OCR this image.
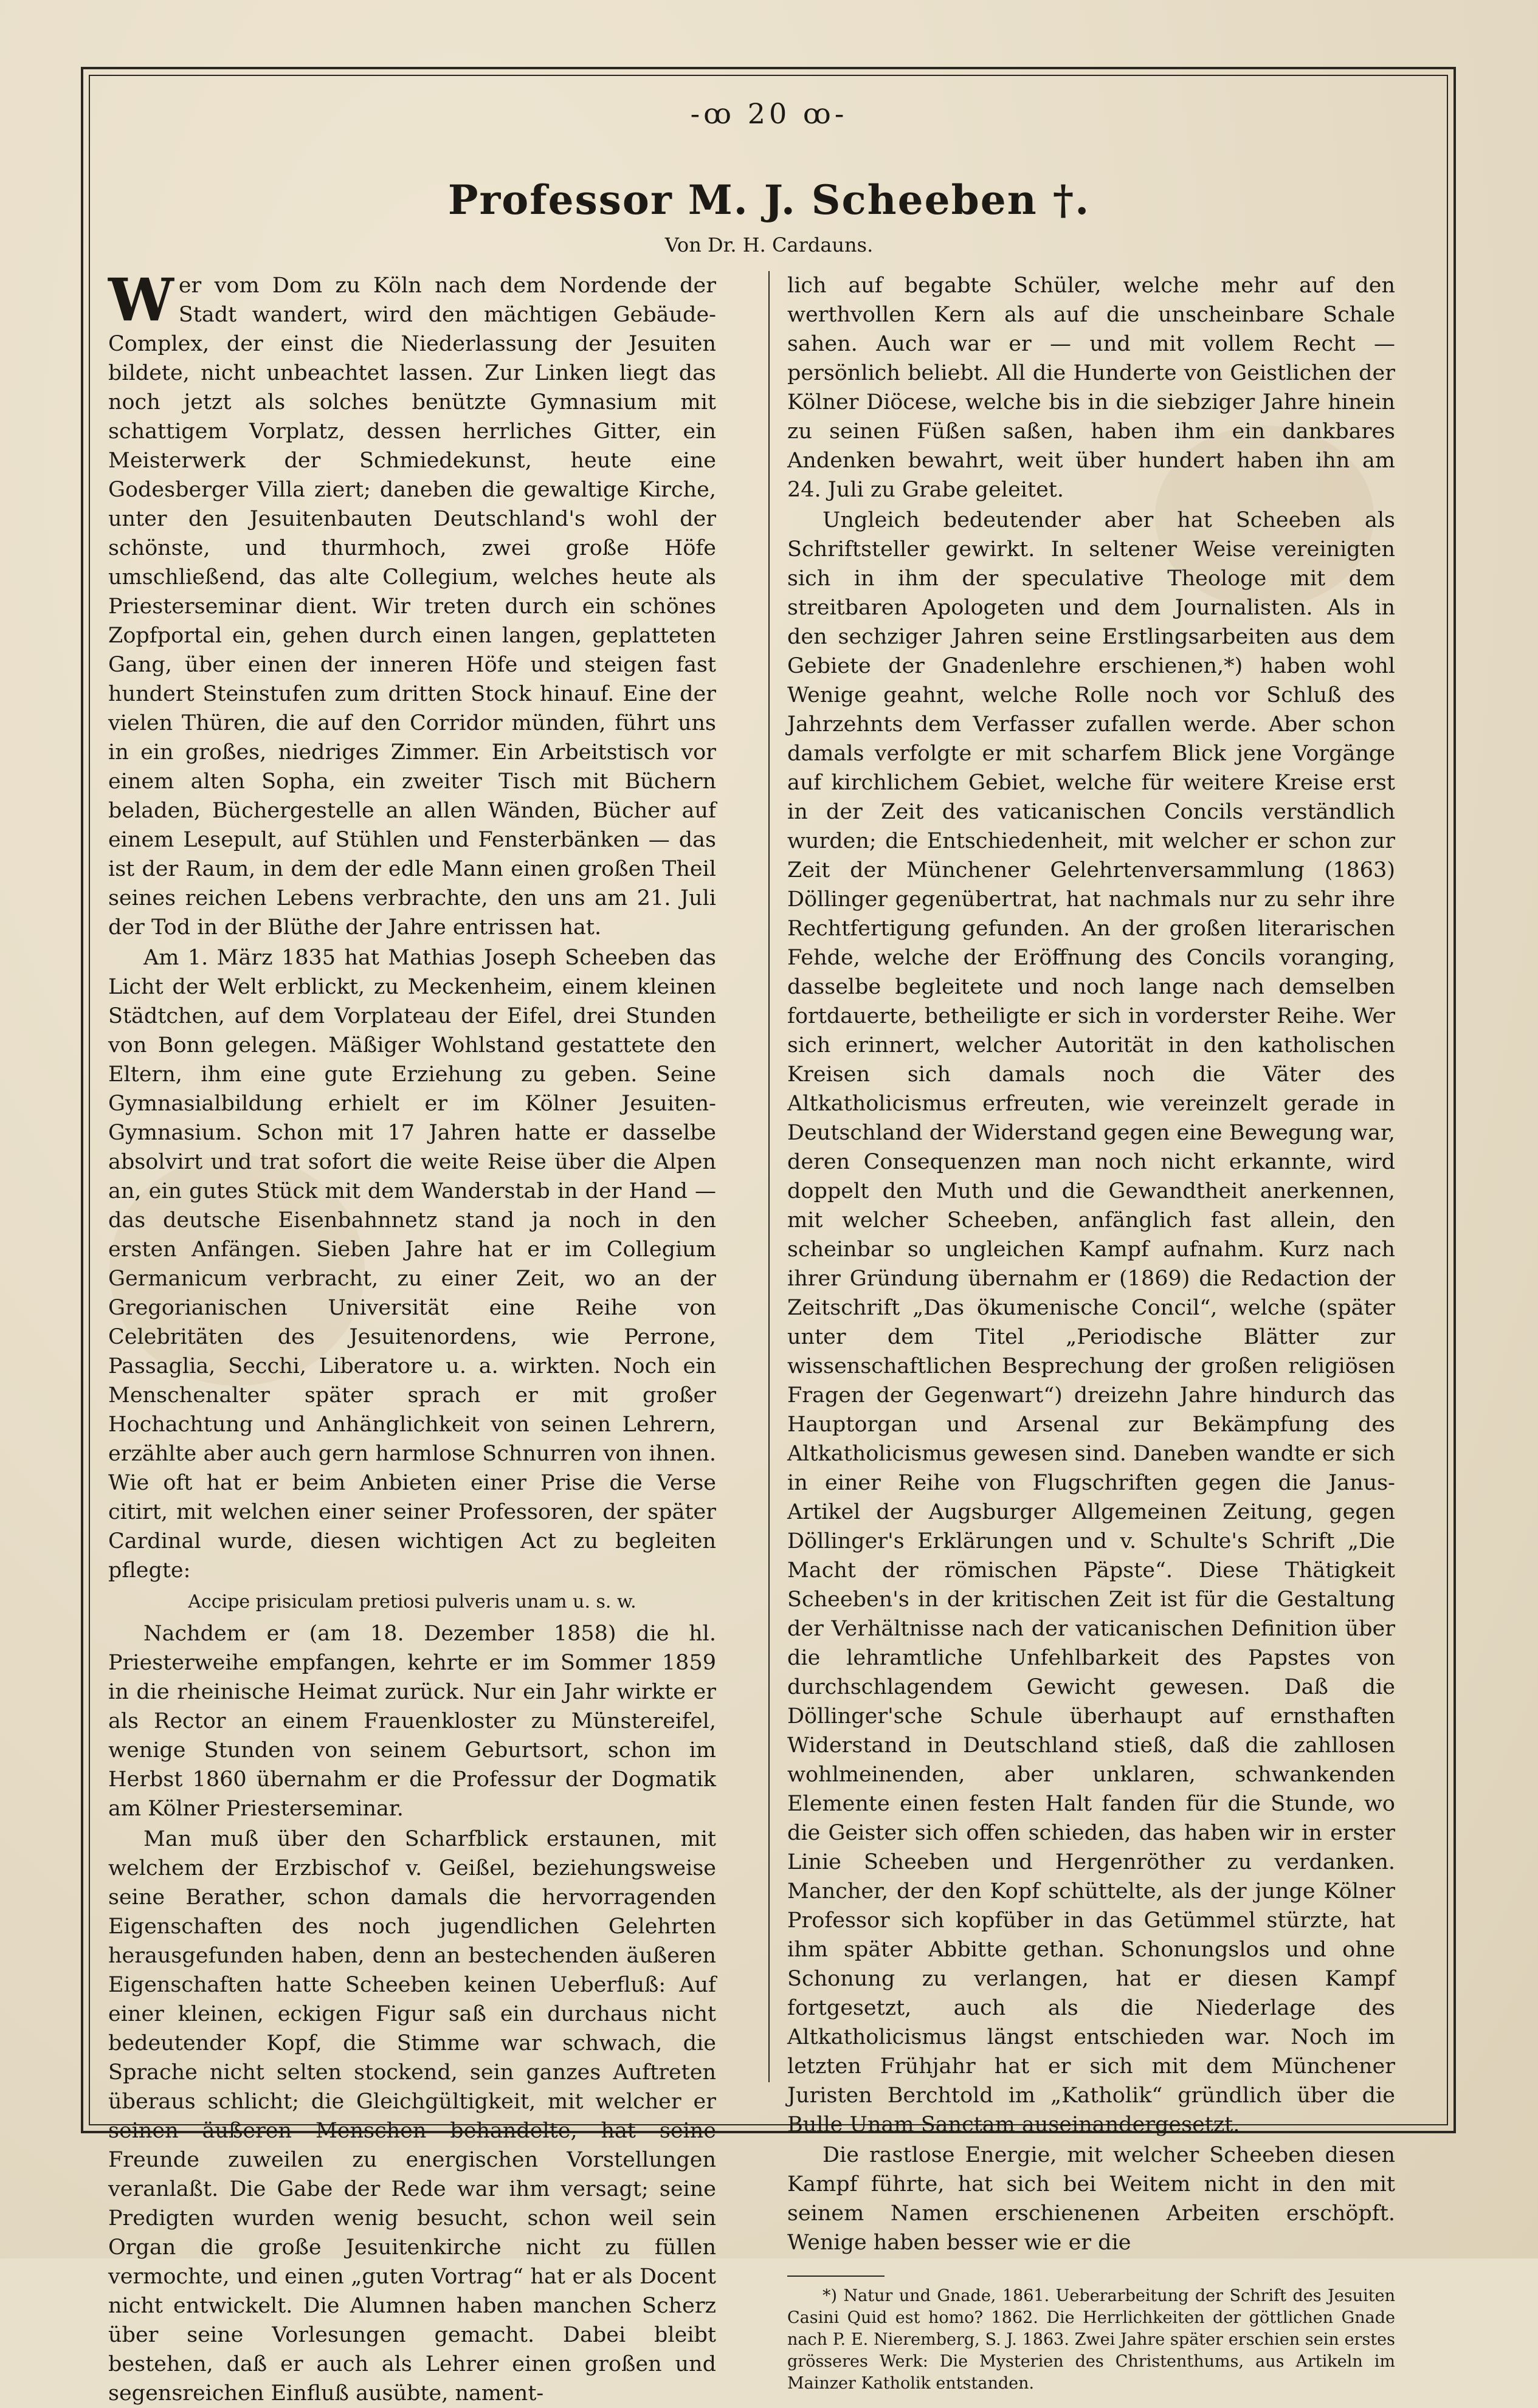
-ꝏ 20 ꝏ-
Professor M. J. Scheeben †.
Von Dr. H. Cardauns.

Wer vom Dom zu Köln nach dem Nordende der Stadt wandert, wird den mächtigen Gebäude-Complex, der einst die Niederlassung der Jesuiten bildete, nicht unbeachtet lassen. Zur Linken liegt das noch jetzt als solches benützte Gymnasium mit schattigem Vorplatz, dessen herrliches Gitter, ein Meisterwerk der Schmiedekunst, heute eine Godesberger Villa ziert; daneben die gewaltige Kirche, unter den Jesuitenbauten Deutschland's wohl der schönste, und thurmhoch, zwei große Höfe umschließend, das alte Collegium, welches heute als Priesterseminar dient. Wir treten durch ein schönes Zopfportal ein, gehen durch einen langen, geplatteten Gang, über einen der inneren Höfe und steigen fast hundert Steinstufen zum dritten Stock hinauf. Eine der vielen Thüren, die auf den Corridor münden, führt uns in ein großes, niedriges Zimmer. Ein Arbeitstisch vor einem alten Sopha, ein zweiter Tisch mit Büchern beladen, Büchergestelle an allen Wänden, Bücher auf einem Lesepult, auf Stühlen und Fensterbänken — das ist der Raum, in dem der edle Mann einen großen Theil seines reichen Lebens verbrachte, den uns am 21. Juli der Tod in der Blüthe der Jahre entrissen hat.

Am 1. März 1835 hat Mathias Joseph Scheeben das Licht der Welt erblickt, zu Meckenheim, einem kleinen Städtchen, auf dem Vorplateau der Eifel, drei Stunden von Bonn gelegen. Mäßiger Wohlstand gestattete den Eltern, ihm eine gute Erziehung zu geben. Seine Gymnasialbildung erhielt er im Kölner Jesuiten-Gymnasium. Schon mit 17 Jahren hatte er dasselbe absolvirt und trat sofort die weite Reise über die Alpen an, ein gutes Stück mit dem Wanderstab in der Hand — das deutsche Eisenbahnnetz stand ja noch in den ersten Anfängen. Sieben Jahre hat er im Collegium Germanicum verbracht, zu einer Zeit, wo an der Gregorianischen Universität eine Reihe von Celebritäten des Jesuitenordens, wie Perrone, Passaglia, Secchi, Liberatore u. a. wirkten. Noch ein Menschenalter später sprach er mit großer Hochachtung und Anhänglichkeit von seinen Lehrern, erzählte aber auch gern harmlose Schnurren von ihnen. Wie oft hat er beim Anbieten einer Prise die Verse citirt, mit welchen einer seiner Professoren, der später Cardinal wurde, diesen wichtigen Act zu begleiten pflegte:

Accipe prisiculam pretiosi pulveris unam u. s. w.

Nachdem er (am 18. Dezember 1858) die hl. Priesterweihe empfangen, kehrte er im Sommer 1859 in die rheinische Heimat zurück. Nur ein Jahr wirkte er als Rector an einem Frauenkloster zu Münstereifel, wenige Stunden von seinem Geburtsort, schon im Herbst 1860 übernahm er die Professur der Dogmatik am Kölner Priesterseminar.

Man muß über den Scharfblick erstaunen, mit welchem der Erzbischof v. Geißel, beziehungsweise seine Berather, schon damals die hervorragenden Eigenschaften des noch jugendlichen Gelehrten herausgefunden haben, denn an bestechenden äußeren Eigenschaften hatte Scheeben keinen Ueberfluß: Auf einer kleinen, eckigen Figur saß ein durchaus nicht bedeutender Kopf, die Stimme war schwach, die Sprache nicht selten stockend, sein ganzes Auftreten überaus schlicht; die Gleichgültigkeit, mit welcher er seinen äußeren Menschen behandelte, hat seine Freunde zuweilen zu energischen Vorstellungen veranlaßt. Die Gabe der Rede war ihm versagt; seine Predigten wurden wenig besucht, schon weil sein Organ die große Jesuitenkirche nicht zu füllen vermochte, und einen „guten Vortrag“ hat er als Docent nicht entwickelt. Die Alumnen haben manchen Scherz über seine Vorlesungen gemacht. Dabei bleibt bestehen, daß er auch als Lehrer einen großen und segensreichen Einfluß ausübte, nament-

lich auf begabte Schüler, welche mehr auf den werthvollen Kern als auf die unscheinbare Schale sahen. Auch war er — und mit vollem Recht — persönlich beliebt. All die Hunderte von Geistlichen der Kölner Diöcese, welche bis in die siebziger Jahre hinein zu seinen Füßen saßen, haben ihm ein dankbares Andenken bewahrt, weit über hundert haben ihn am 24. Juli zu Grabe geleitet.

Ungleich bedeutender aber hat Scheeben als Schriftsteller gewirkt. In seltener Weise vereinigten sich in ihm der speculative Theologe mit dem streitbaren Apologeten und dem Journalisten. Als in den sechziger Jahren seine Erstlingsarbeiten aus dem Gebiete der Gnadenlehre erschienen,*) haben wohl Wenige geahnt, welche Rolle noch vor Schluß des Jahrzehnts dem Verfasser zufallen werde. Aber schon damals verfolgte er mit scharfem Blick jene Vorgänge auf kirchlichem Gebiet, welche für weitere Kreise erst in der Zeit des vaticanischen Concils verständlich wurden; die Entschiedenheit, mit welcher er schon zur Zeit der Münchener Gelehrtenversammlung (1863) Döllinger gegenübertrat, hat nachmals nur zu sehr ihre Rechtfertigung gefunden. An der großen literarischen Fehde, welche der Eröffnung des Concils voranging, dasselbe begleitete und noch lange nach demselben fortdauerte, betheiligte er sich in vorderster Reihe. Wer sich erinnert, welcher Autorität in den katholischen Kreisen sich damals noch die Väter des Altkatholicismus erfreuten, wie vereinzelt gerade in Deutschland der Widerstand gegen eine Bewegung war, deren Consequenzen man noch nicht erkannte, wird doppelt den Muth und die Gewandtheit anerkennen, mit welcher Scheeben, anfänglich fast allein, den scheinbar so ungleichen Kampf aufnahm. Kurz nach ihrer Gründung übernahm er (1869) die Redaction der Zeitschrift „Das ökumenische Concil“, welche (später unter dem Titel „Periodische Blätter zur wissenschaftlichen Besprechung der großen religiösen Fragen der Gegenwart“) dreizehn Jahre hindurch das Hauptorgan und Arsenal zur Bekämpfung des Altkatholicismus gewesen sind. Daneben wandte er sich in einer Reihe von Flugschriften gegen die Janus-Artikel der Augsburger Allgemeinen Zeitung, gegen Döllinger's Erklärungen und v. Schulte's Schrift „Die Macht der römischen Päpste“. Diese Thätigkeit Scheeben's in der kritischen Zeit ist für die Gestaltung der Verhältnisse nach der vaticanischen Definition über die lehramtliche Unfehlbarkeit des Papstes von durchschlagendem Gewicht gewesen. Daß die Döllinger'sche Schule überhaupt auf ernsthaften Widerstand in Deutschland stieß, daß die zahllosen wohlmeinenden, aber unklaren, schwankenden Elemente einen festen Halt fanden für die Stunde, wo die Geister sich offen schieden, das haben wir in erster Linie Scheeben und Hergenröther zu verdanken. Mancher, der den Kopf schüttelte, als der junge Kölner Professor sich kopfüber in das Getümmel stürzte, hat ihm später Abbitte gethan. Schonungslos und ohne Schonung zu verlangen, hat er diesen Kampf fortgesetzt, auch als die Niederlage des Altkatholicismus längst entschieden war. Noch im letzten Frühjahr hat er sich mit dem Münchener Juristen Berchtold im „Katholik“ gründlich über die Bulle Unam Sanctam auseinandergesetzt.

Die rastlose Energie, mit welcher Scheeben diesen Kampf führte, hat sich bei Weitem nicht in den mit seinem Namen erschienenen Arbeiten erschöpft. Wenige haben besser wie er die

*) Natur und Gnade, 1861. Ueberarbeitung der Schrift des Jesuiten Casini Quid est homo? 1862. Die Herrlichkeiten der göttlichen Gnade nach P. E. Nieremberg, S. J. 1863. Zwei Jahre später erschien sein erstes grösseres Werk: Die Mysterien des Christenthums, aus Artikeln im Mainzer Katholik entstanden.
